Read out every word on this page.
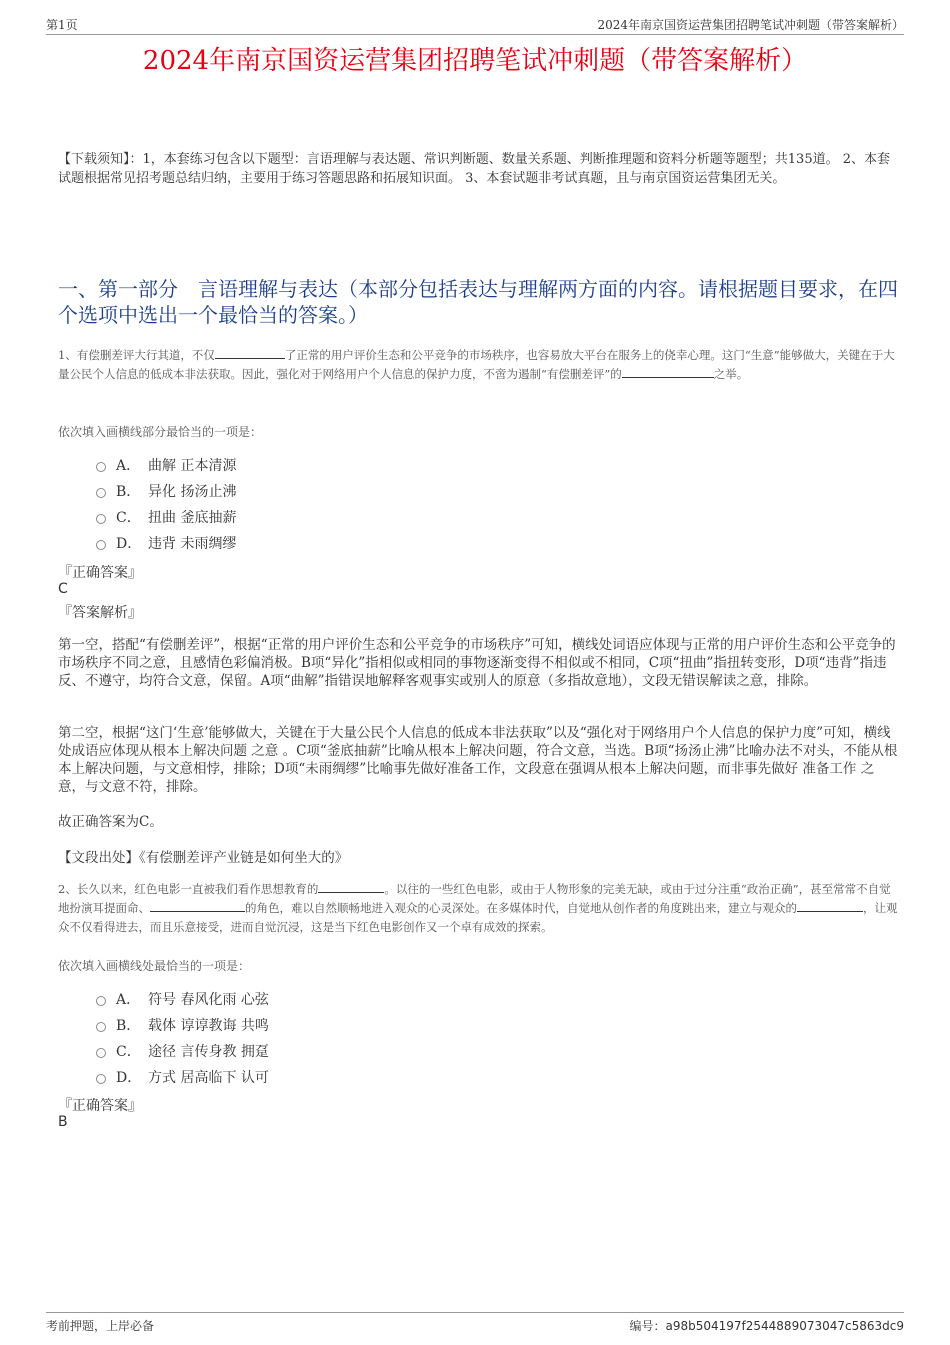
第1页	2024年南京国资运营集团招聘笔试冲刺题（带答案解析）
2024年南京国资运营集团招聘笔试冲刺题（带答案解析）
【下载须知】：1，本套练习包含以下题型：言语理解与表达题、常识判断题、数量关系题、判断推理题和资料分析题等题型；共135道。 2、本套试题根据常见招考题总结归纳，主要用于练习答题思路和拓展知识面。 3、本套试题非考试真题，且与南京国资运营集团无关。
一、第一部分　言语理解与表达（本部分包括表达与理解两方面的内容。请根据题目要求，在四个选项中选出一个最恰当的答案。）
1、有偿删差评大行其道，不仅	了正常的用户评价生态和公平竞争的市场秩序，也容易放大平台在服务上的侥幸心理。这门“生意”能够做大，关键在于大量公民个人信息的低成本非法获取。因此，强化对于网络用户个人信息的保护力度，不啻为遏制“有偿删差评”的	之举。
依次填入画横线部分最恰当的一项是：
A． 曲解 正本清源
B． 异化 扬汤止沸
C． 扭曲 釜底抽薪
D． 违背 未雨绸缪
『正确答案』
C
『答案解析』
第一空，搭配“有偿删差评”，根据“正常的用户评价生态和公平竞争的市场秩序”可知，横线处词语应体现与正常的用户评价生态和公平竞争的市场秩序不同之意，且感情色彩偏消极。B项“异化”指相似或相同的事物逐渐变得不相似或不相同，C项“扭曲”指扭转变形，D项“违背”指违反、不遵守，均符合文意，保留。A项“曲解”指错误地解释客观事实或别人的原意（多指故意地），文段无错误解读之意，排除。
第二空，根据“这门‘生意’能够做大，关键在于大量公民个人信息的低成本非法获取”以及“强化对于网络用户个人信息的保护力度”可知，横线处成语应体现从根本上解决问题 之意 。C项“釜底抽薪”比喻从根本上解决问题，符合文意，当选。B项“扬汤止沸”比喻办法不对头，不能从根本上解决问题，与文意相悖，排除；D项“未雨绸缪”比喻事先做好准备工作，文段意在强调从根本上解决问题，而非事先做好 准备工作 之意，与文意不符，排除。
故正确答案为C。
【文段出处】《有偿删差评产业链是如何坐大的》
2、长久以来，红色电影一直被我们看作思想教育的	。以往的一些红色电影，或由于人物形象的完美无缺，或由于过分注重“政治正确”，甚至常常不自觉地扮演耳提面命、	的角色，难以自然顺畅地进入观众的心灵深处。在多媒体时代，自觉地从创作者的角度跳出来，建立与观众的	，让观众不仅看得进去，而且乐意接受，进而自觉沉浸，这是当下红色电影创作又一个卓有成效的探索。
依次填入画横线处最恰当的一项是：
A． 符号 春风化雨 心弦
B． 载体 谆谆教诲 共鸣
C． 途径 言传身教 拥趸
D． 方式 居高临下 认可
『正确答案』
B
考前押题，上岸必备	编号：a98b504197f2544889073047c5863dc9
